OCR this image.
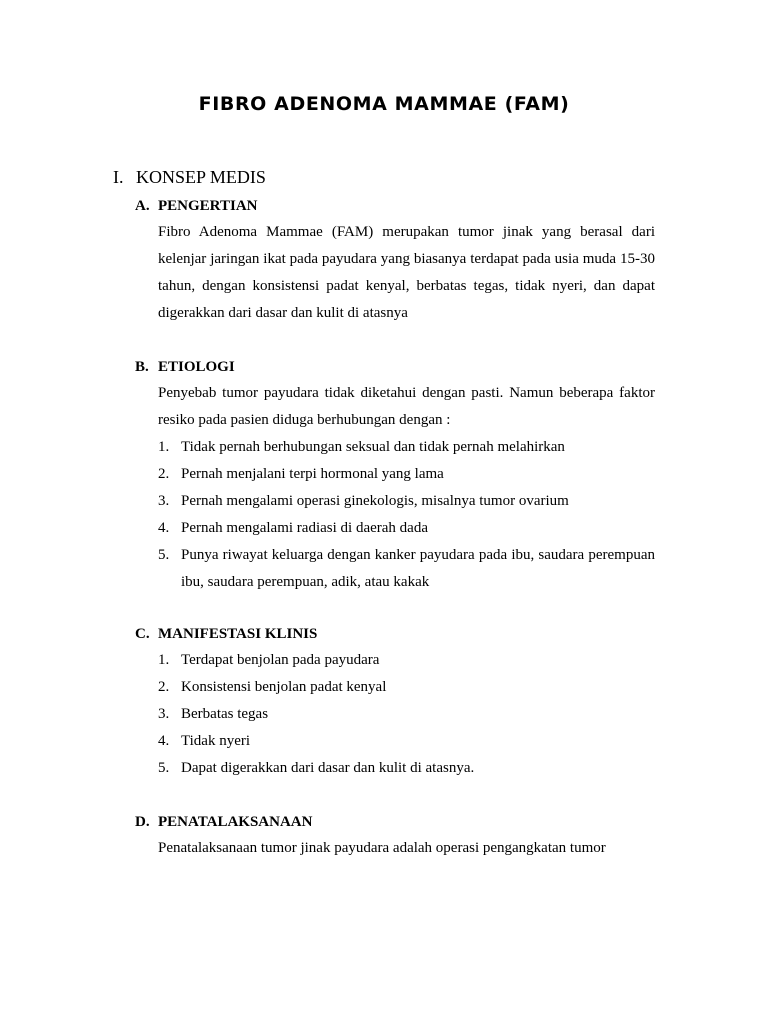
FIBRO ADENOMA MAMMAE (FAM)
I. KONSEP MEDIS
A. PENGERTIAN
Fibro Adenoma Mammae (FAM) merupakan tumor jinak yang berasal dari kelenjar jaringan ikat pada payudara yang biasanya terdapat pada usia muda 15-30 tahun, dengan konsistensi padat kenyal, berbatas tegas, tidak nyeri, dan dapat digerakkan dari dasar dan kulit di atasnya
B. ETIOLOGI
Penyebab tumor payudara tidak diketahui dengan pasti. Namun beberapa faktor resiko pada pasien diduga berhubungan dengan :
1. Tidak pernah berhubungan seksual dan tidak pernah melahirkan
2. Pernah menjalani terpi hormonal yang lama
3. Pernah mengalami operasi ginekologis, misalnya tumor ovarium
4. Pernah mengalami radiasi di daerah dada
5. Punya riwayat keluarga dengan kanker payudara pada ibu, saudara perempuan ibu, saudara perempuan, adik, atau kakak
C. MANIFESTASI KLINIS
1. Terdapat benjolan pada payudara
2. Konsistensi benjolan padat kenyal
3. Berbatas tegas
4. Tidak nyeri
5. Dapat digerakkan dari dasar dan kulit di atasnya.
D. PENATALAKSANAAN
Penatalaksanaan tumor jinak payudara adalah operasi pengangkatan tumor
